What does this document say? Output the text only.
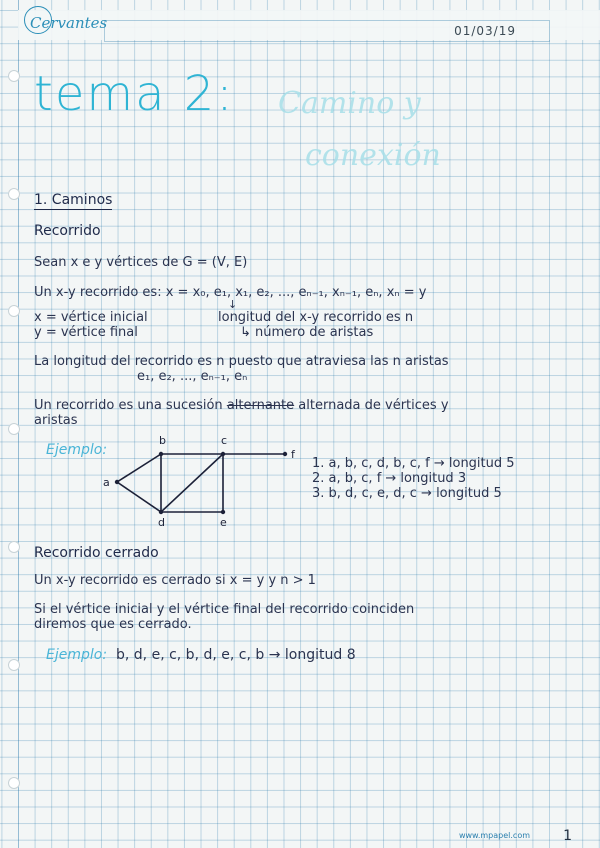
Cervantes	01/03/19
tema 2: Camino y
conexión
1. Caminos
Recorrido
Sean x e y vértices de G = (V, E)
Un x-y recorrido es: x = x₀, e₁, x₁, e₂, ..., eₙ₋₁, xₙ₋₁, eₙ, xₙ = y
↓
x = vértice inicial
y = vértice final
longitud del x-y recorrido es n
↳ número de aristas
La longitud del recorrido es n puesto que atraviesa las n aristas
e₁, e₂, ..., eₙ₋₁, eₙ
Un recorrido es una sucesión alternante alternada de vértices y
aristas
Ejemplo:
a
b	c
f
d	e
1. a, b, c, d, b, c, f → longitud 5
2. a, b, c, f → longitud 3
3. b, d, c, e, d, c → longitud 5
Recorrido cerrado
Un x-y recorrido es cerrado si x = y y n > 1
Si el vértice inicial y el vértice final del recorrido coinciden
diremos que es cerrado.
Ejemplo: b, d, e, c, b, d, e, c, b → longitud 8
www.mpapel.com 1
